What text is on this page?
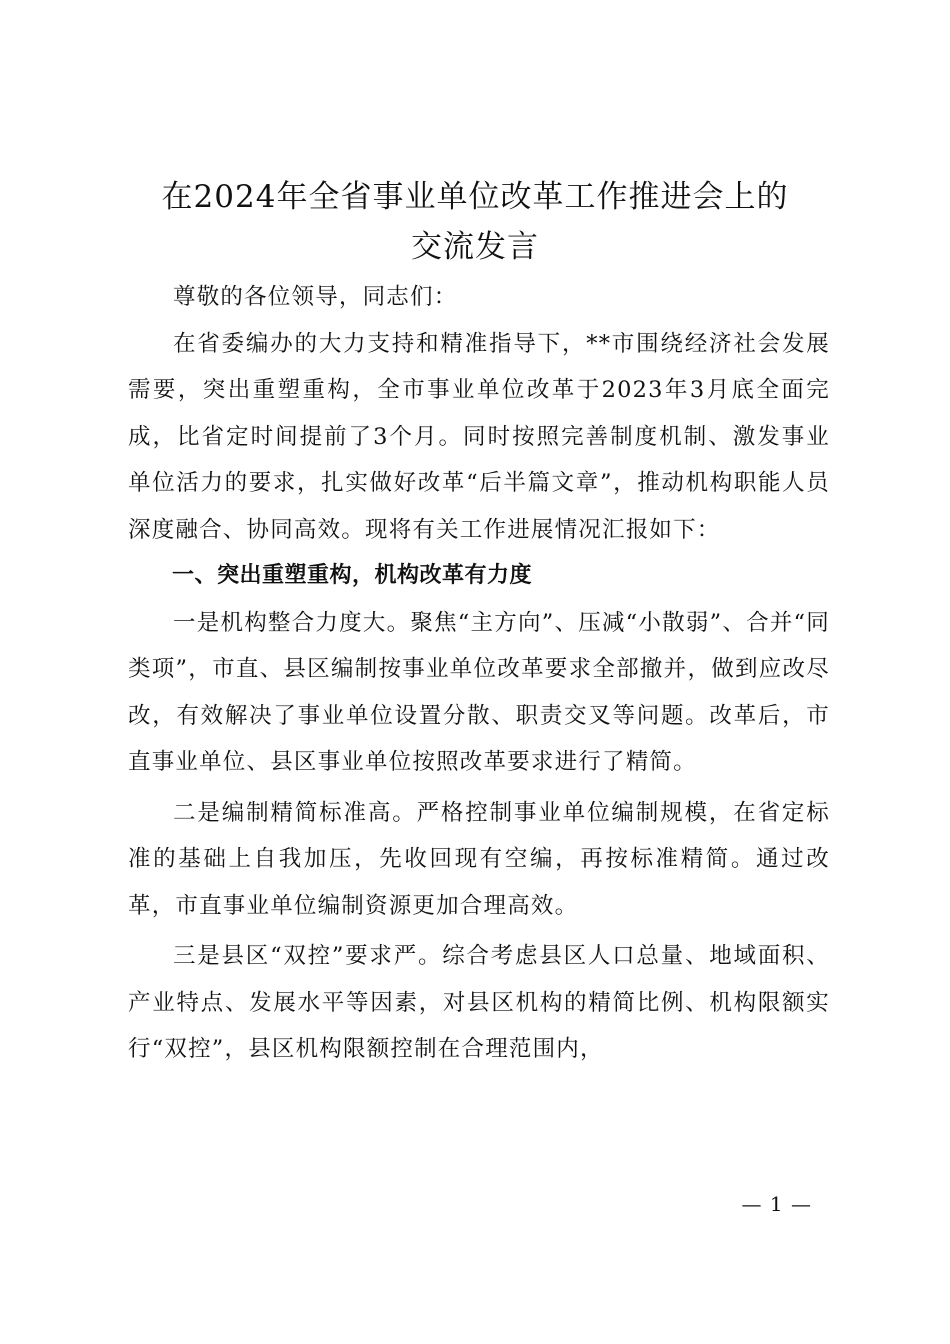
在2024年全省事业单位改革工作推进会上的
交流发言

尊敬的各位领导，同志们：

在省委编办的大力支持和精准指导下，**市围绕经济社会发展需要，突出重塑重构，全市事业单位改革于2023年3月底全面完成，比省定时间提前了3个月。同时按照完善制度机制、激发事业单位活力的要求，扎实做好改革“后半篇文章”，推动机构职能人员深度融合、协同高效。现将有关工作进展情况汇报如下：

一、突出重塑重构，机构改革有力度

一是机构整合力度大。聚焦“主方向”、压减“小散弱”、合并“同类项”，市直、县区编制按事业单位改革要求全部撤并，做到应改尽改，有效解决了事业单位设置分散、职责交叉等问题。改革后，市直事业单位、县区事业单位按照改革要求进行了精简。

二是编制精简标准高。严格控制事业单位编制规模，在省定标准的基础上自我加压，先收回现有空编，再按标准精简。通过改革，市直事业单位编制资源更加合理高效。

三是县区“双控”要求严。综合考虑县区人口总量、地域面积、产业特点、发展水平等因素，对县区机构的精简比例、机构限额实行“双控”，县区机构限额控制在合理范围内，

— 1 —
